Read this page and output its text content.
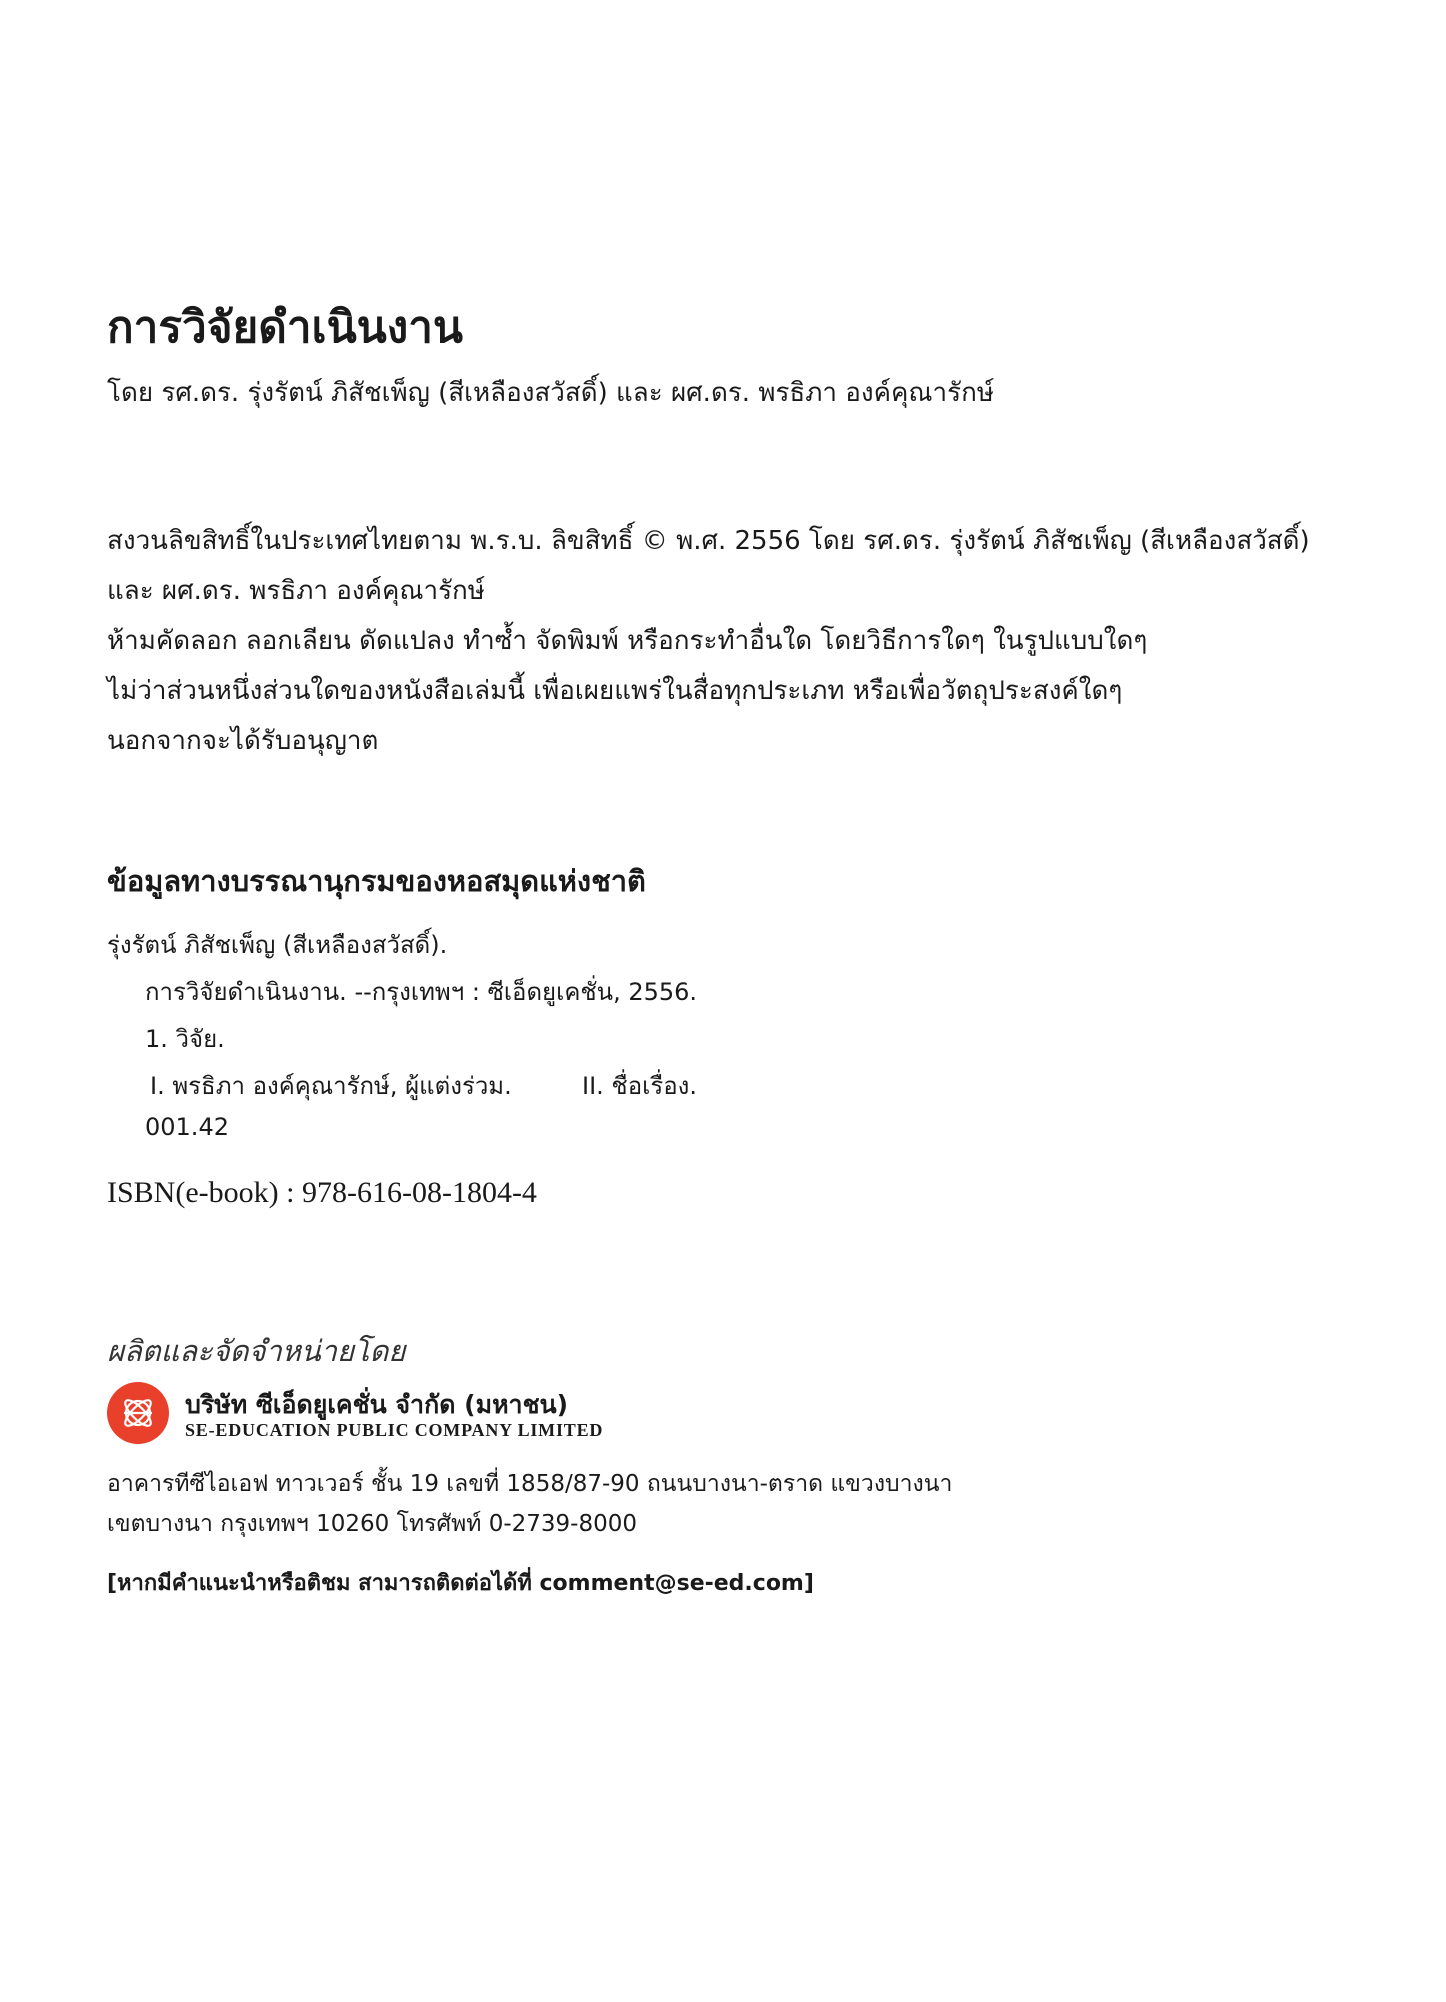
การวิจัยดำเนินงาน
โดย รศ.ดร. รุ่งรัตน์ ภิสัชเพ็ญ (สีเหลืองสวัสดิ์) และ ผศ.ดร. พรธิภา องค์คุณารักษ์
สงวนลิขสิทธิ์ในประเทศไทยตาม พ.ร.บ. ลิขสิทธิ์ © พ.ศ. 2556 โดย รศ.ดร. รุ่งรัตน์ ภิสัชเพ็ญ (สีเหลืองสวัสดิ์)
และ ผศ.ดร. พรธิภา องค์คุณารักษ์
ห้ามคัดลอก ลอกเลียน ดัดแปลง ทำซ้ำ จัดพิมพ์ หรือกระทำอื่นใด โดยวิธีการใดๆ ในรูปแบบใดๆ
ไม่ว่าส่วนหนึ่งส่วนใดของหนังสือเล่มนี้ เพื่อเผยแพร่ในสื่อทุกประเภท หรือเพื่อวัตถุประสงค์ใดๆ
นอกจากจะได้รับอนุญาต
ข้อมูลทางบรรณานุกรมของหอสมุดแห่งชาติ
รุ่งรัตน์ ภิสัชเพ็ญ (สีเหลืองสวัสดิ์).
การวิจัยดำเนินงาน. --กรุงเทพฯ : ซีเอ็ดยูเคชั่น, 2556.
1. วิจัย.
I. พรธิภา องค์คุณารักษ์, ผู้แต่งร่วม.	II. ชื่อเรื่อง.
001.42
ISBN(e-book) : 978-616-08-1804-4
ผลิตและจัดจำหน่ายโดย
บริษัท ซีเอ็ดยูเคชั่น จำกัด (มหาชน)
SE-EDUCATION PUBLIC COMPANY LIMITED
อาคารทีซีไอเอฟ ทาวเวอร์ ชั้น 19 เลขที่ 1858/87-90 ถนนบางนา-ตราด แขวงบางนา
เขตบางนา กรุงเทพฯ 10260 โทรศัพท์ 0-2739-8000
[หากมีคำแนะนำหรือติชม สามารถติดต่อได้ที่ comment@se-ed.com]
